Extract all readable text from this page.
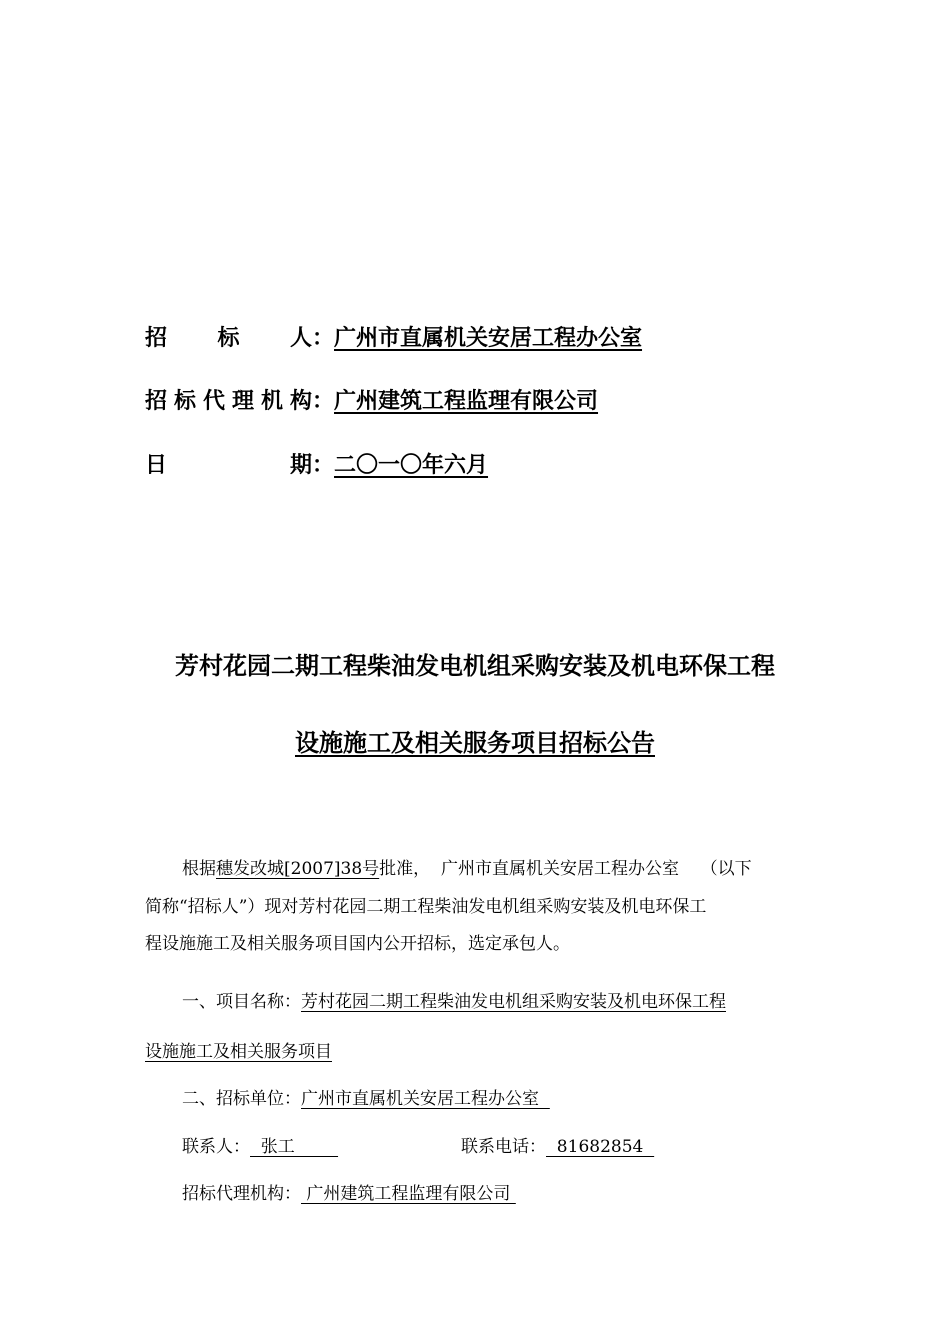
招　标　人：广州市直属机关安居工程办公室
招标代理机构：广州建筑工程监理有限公司
日　　期：二〇一〇年六月
芳村花园二期工程柴油发电机组采购安装及机电环保工程
设施施工及相关服务项目招标公告
根据穗发改城[2007]38号批准，  广州市直属机关安居工程办公室    （以下
简称“招标人”）现对芳村花园二期工程柴油发电机组采购安装及机电环保工
程设施施工及相关服务项目国内公开招标，选定承包人。
一、项目名称：芳村花园二期工程柴油发电机组采购安装及机电环保工程
设施施工及相关服务项目
二、招标单位：广州市直属机关安居工程办公室
联系人：  张工	联系电话：  81682854
招标代理机构： 广州建筑工程监理有限公司
